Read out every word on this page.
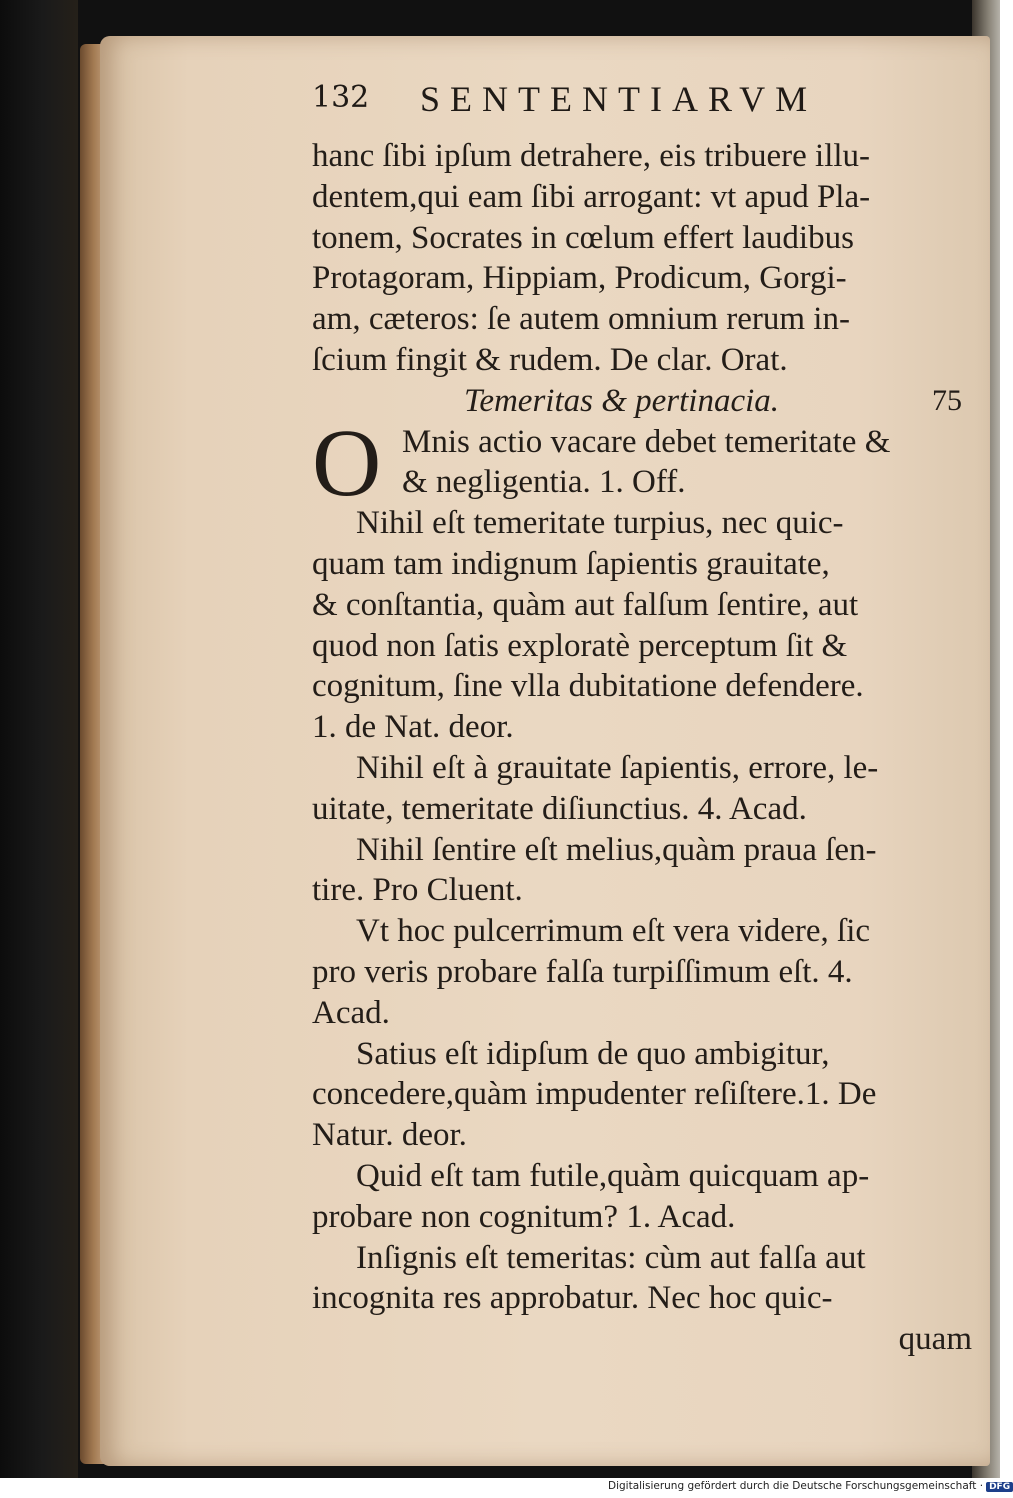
132 SENTENTIARVM
hanc ſibi ipſum detrahere, eis tribuere illu-
dentem,qui eam ſibi arrogant: vt apud Pla-
tonem, Socrates in cœlum effert laudibus
Protagoram, Hippiam, Prodicum, Gorgi-
am, cæteros: ſe autem omnium rerum in-
ſcium fingit & rudem. De clar. Orat.
Temeritas & pertinacia.	75
O Mnis actio vacare debet temeritate &
& negligentia. 1. Off.
Nihil eſt temeritate turpius, nec quic-
quam tam indignum ſapientis grauitate,
& conſtantia, quàm aut falſum ſentire, aut
quod non ſatis exploratè perceptum ſit &
cognitum, ſine vlla dubitatione defendere.
1. de Nat. deor.
Nihil eſt à grauitate ſapientis, errore, le-
uitate, temeritate diſiunctius. 4. Acad.
Nihil ſentire eſt melius,quàm praua ſen-
tire. Pro Cluent.
Vt hoc pulcerrimum eſt vera videre, ſic
pro veris probare falſa turpiſſimum eſt. 4.
Acad.
Satius eſt idipſum de quo ambigitur,
concedere,quàm impudenter reſiſtere.1. De
Natur. deor.
Quid eſt tam futile,quàm quicquam ap-
probare non cognitum? 1. Acad.
Inſignis eſt temeritas: cùm aut falſa aut
incognita res approbatur. Nec hoc quic-
quam
Digitalisierung gefördert durch die Deutsche Forschungsgemeinschaft · DFG
